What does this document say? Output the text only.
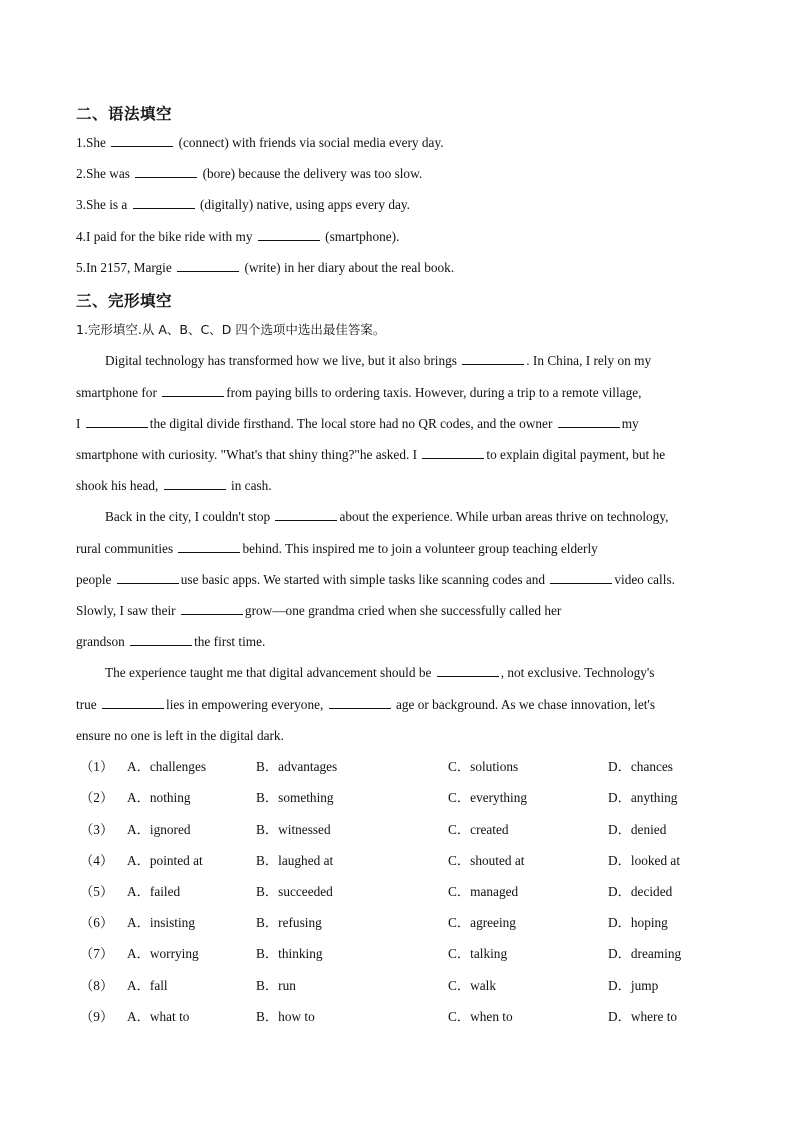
二、语法填空
1.She	(connect) with friends via social media every day.
2.She was	(bore) because the delivery was too slow.
3.She is a	(digitally) native, using apps every day.
4.I paid for the bike ride with my	(smartphone).
5.In 2157, Margie	(write) in her diary about the real book.
三、完形填空
1.完形填空.从 A、B、C、D 四个选项中选出最佳答案。
Digital technology has transformed how we live, but it also brings	. In China, I rely on my
smartphone for	from paying bills to ordering taxis. However, during a trip to a remote village,
I	the digital divide firsthand. The local store had no QR codes, and the owner	my
smartphone with curiosity. "What's that shiny thing?"he asked. I	to explain digital payment, but he
shook his head,	in cash.
Back in the city, I couldn't stop	about the experience. While urban areas thrive on technology,
rural communities	behind. This inspired me to join a volunteer group teaching elderly
people	use basic apps. We started with simple tasks like scanning codes and	video calls.
Slowly, I saw their	grow—one grandma cried when she successfully called her
grandson	the first time.
The experience taught me that digital advancement should be	, not exclusive. Technology's
true	lies in empowering everyone,	age or background. As we chase innovation, let's
ensure no one is left in the digital dark.
（1） A．challenges	B．advantages	C．solutions	D．chances
（2） A．nothing	B．something	C．everything	D．anything
（3） A．ignored	B．witnessed	C．created	D．denied
（4） A．pointed at	B．laughed at	C．shouted at	D．looked at
（5） A．failed	B．succeeded	C．managed	D．decided
（6） A．insisting	B．refusing	C．agreeing	D．hoping
（7） A．worrying	B．thinking	C．talking	D．dreaming
（8） A．fall	B．run	C．walk	D．jump
（9） A．what to	B．how to	C．when to	D．where to
